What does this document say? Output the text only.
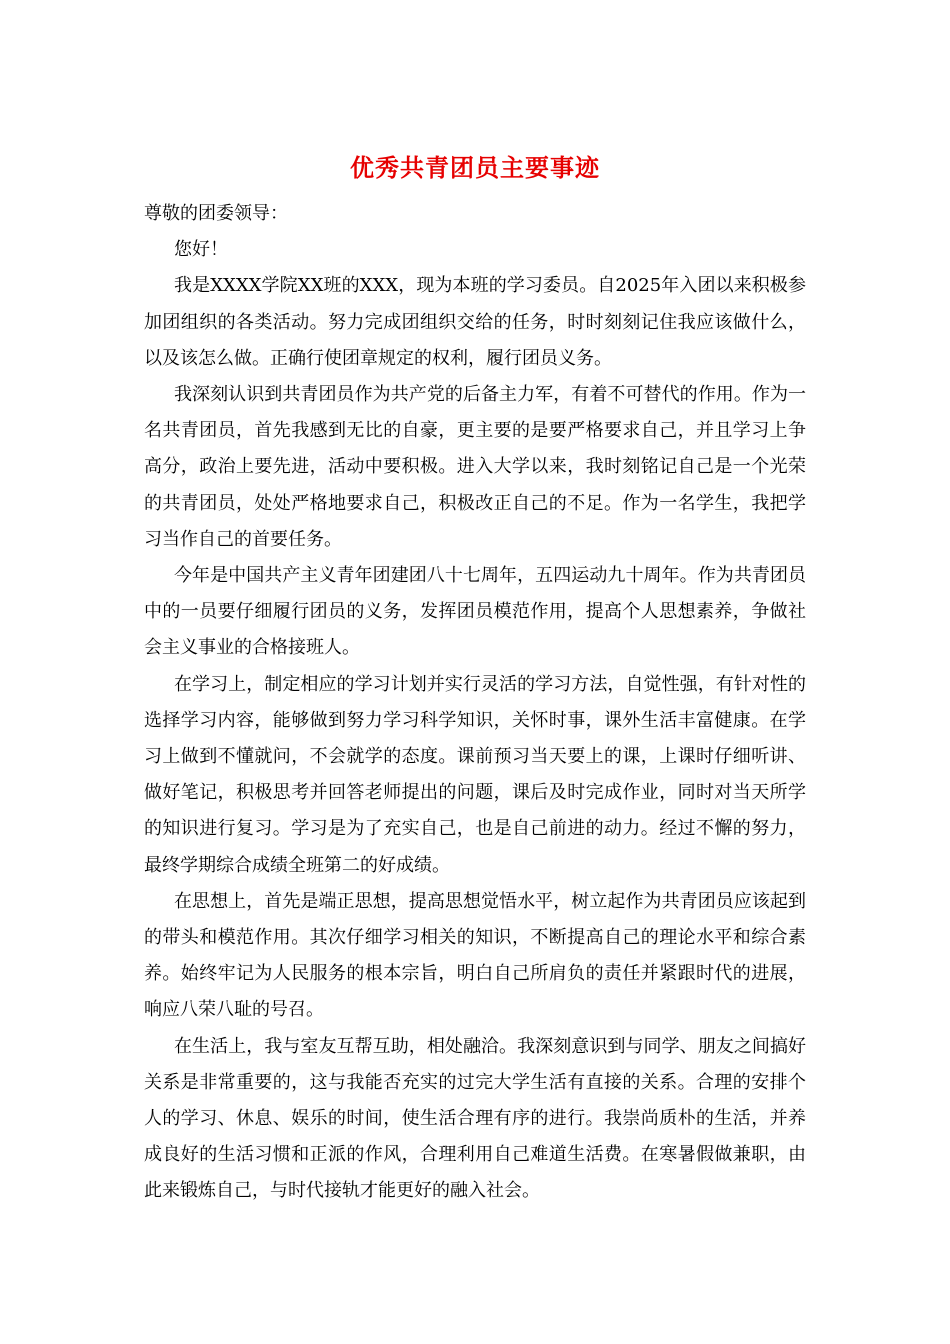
优秀共青团员主要事迹

尊敬的团委领导：

您好！

我是XXXX学院XX班的XXX，现为本班的学习委员。自2025年入团以来积极参加团组织的各类活动。努力完成团组织交给的任务，时时刻刻记住我应该做什么，以及该怎么做。正确行使团章规定的权利，履行团员义务。

我深刻认识到共青团员作为共产党的后备主力军，有着不可替代的作用。作为一名共青团员，首先我感到无比的自豪，更主要的是要严格要求自己，并且学习上争高分，政治上要先进，活动中要积极。进入大学以来，我时刻铭记自己是一个光荣的共青团员，处处严格地要求自己，积极改正自己的不足。作为一名学生，我把学习当作自己的首要任务。

今年是中国共产主义青年团建团八十七周年，五四运动九十周年。作为共青团员中的一员要仔细履行团员的义务，发挥团员模范作用，提高个人思想素养，争做社会主义事业的合格接班人。

在学习上，制定相应的学习计划并实行灵活的学习方法，自觉性强，有针对性的选择学习内容，能够做到努力学习科学知识，关怀时事，课外生活丰富健康。在学习上做到不懂就问，不会就学的态度。课前预习当天要上的课，上课时仔细听讲、做好笔记，积极思考并回答老师提出的问题，课后及时完成作业，同时对当天所学的知识进行复习。学习是为了充实自己，也是自己前进的动力。经过不懈的努力，最终学期综合成绩全班第二的好成绩。

在思想上，首先是端正思想，提高思想觉悟水平，树立起作为共青团员应该起到的带头和模范作用。其次仔细学习相关的知识，不断提高自己的理论水平和综合素养。始终牢记为人民服务的根本宗旨，明白自己所肩负的责任并紧跟时代的进展，响应八荣八耻的号召。

在生活上，我与室友互帮互助，相处融洽。我深刻意识到与同学、朋友之间搞好关系是非常重要的，这与我能否充实的过完大学生活有直接的关系。合理的安排个人的学习、休息、娱乐的时间，使生活合理有序的进行。我崇尚质朴的生活，并养成良好的生活习惯和正派的作风，合理利用自己难道生活费。在寒暑假做兼职，由此来锻炼自己，与时代接轨才能更好的融入社会。
